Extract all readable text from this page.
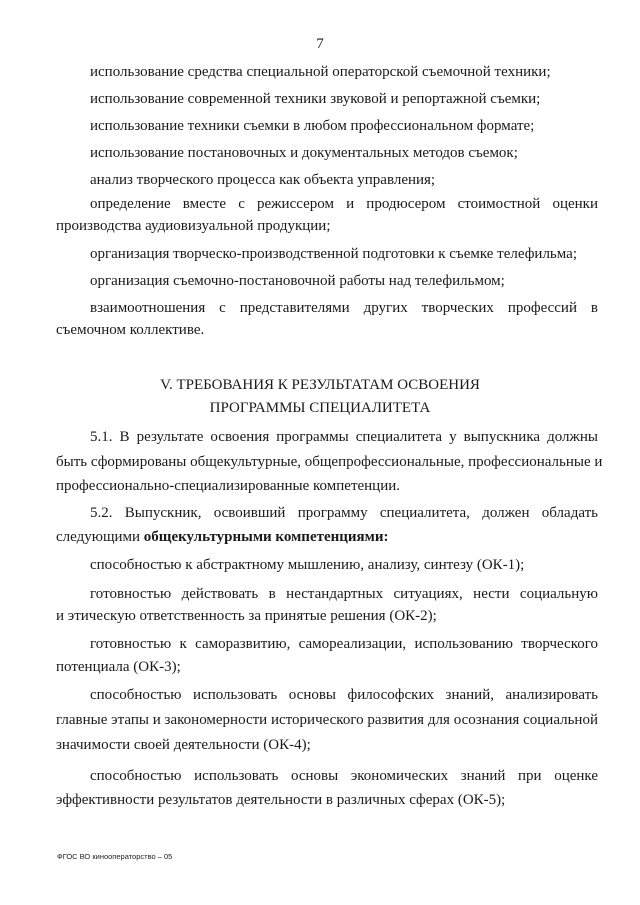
7
использование средства специальной операторской съемочной техники;
использование современной техники звуковой и репортажной съемки;
использование техники съемки в любом профессиональном формате;
использование постановочных и документальных методов съемок;
анализ творческого процесса как объекта управления;
определение вместе с режиссером и продюсером стоимостной оценки
производства аудиовизуальной продукции;
организация творческо-производственной подготовки к съемке телефильма;
организация съемочно-постановочной работы над телефильмом;
взаимоотношения с представителями других творческих профессий в
съемочном коллективе.
V. ТРЕБОВАНИЯ К РЕЗУЛЬТАТАМ ОСВОЕНИЯ
ПРОГРАММЫ СПЕЦИАЛИТЕТА
5.1. В результате освоения программы специалитета у выпускника должны
быть сформированы общекультурные, общепрофессиональные, профессиональные и
профессионально-специализированные компетенции.
5.2. Выпускник, освоивший программу специалитета, должен обладать
следующими общекультурными компетенциями:
способностью к абстрактному мышлению, анализу, синтезу (ОК-1);
готовностью действовать в нестандартных ситуациях, нести социальную
и этическую ответственность за принятые решения (ОК-2);
готовностью к саморазвитию, самореализации, использованию творческого
потенциала (ОК-3);
способностью использовать основы философских знаний, анализировать
главные этапы и закономерности исторического развития для осознания социальной
значимости своей деятельности (ОК-4);
способностью использовать основы экономических знаний при оценке
эффективности результатов деятельности в различных сферах (ОК-5);
ФГОС ВО кинооператорство – 05
